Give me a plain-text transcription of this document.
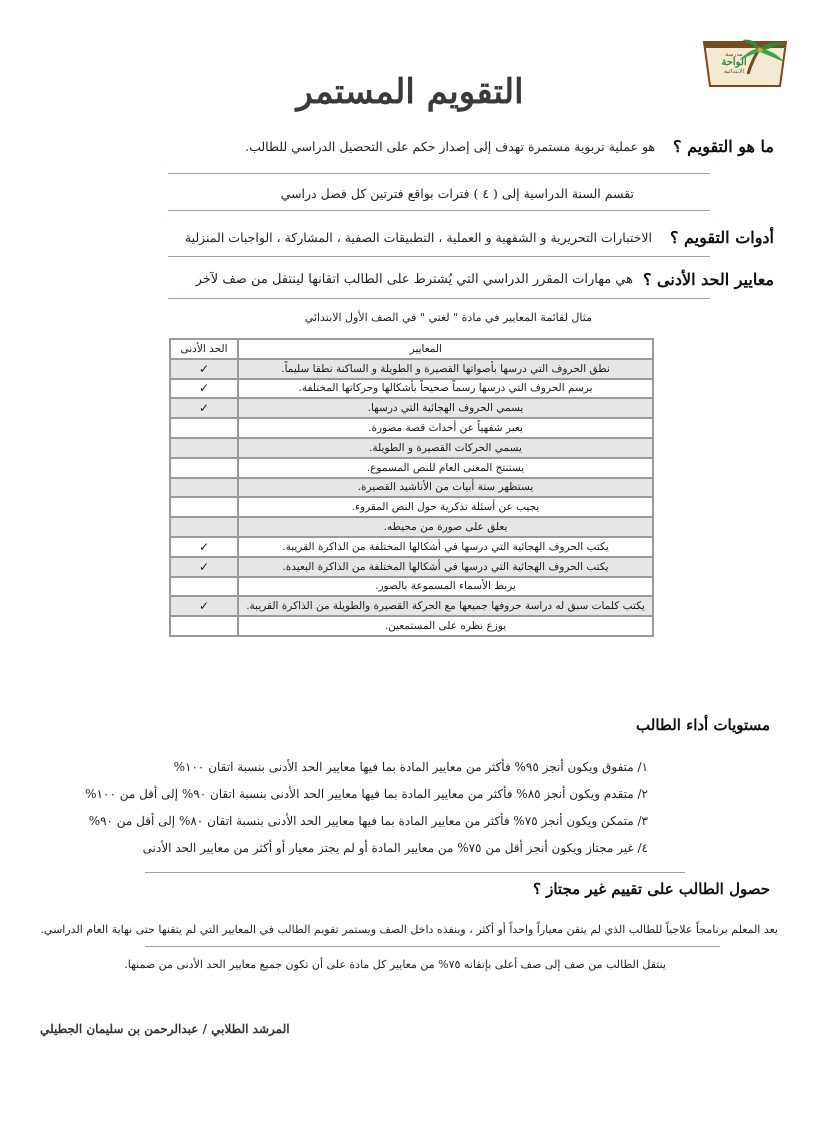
مدرسة
الواحة
الابتدائية
التقويم المستمر
ما هو التقويم ؟
هو عملية تربوية مستمرة تهدف إلى إصدار حكم على التحصيل الدراسي للطالب.
تقسم السنة الدراسية إلى ( ٤ ) فترات بواقع فترتين كل فصل دراسي
أدوات التقويم ؟
الاختبارات التحريرية و الشفهية و العملية ، التطبيقات الصفية ، المشاركة ، الواجبات المنزلية
معايير الحد الأدنى ؟
هي مهارات المقرر الدراسي التي يُشترط على الطالب اتقانها لينتقل من صف لآخر
مثال لقائمة المعايير في مادة " لغتي " في الصف الأول الابتدائي
المعايير	الحد الأدنى
نطق الحروف التي درسها بأصواتها القصيرة و الطويلة و الساكنة نطقا سليماً.	✓
يرسم الحروف التي درسها رسماً صحيحاً بأشكالها وحركاتها المختلفة.	✓
يسمي الحروف الهجائية التي درسها.	✓
يعبر شفهياً عن أحداث قصة مصورة.	
يسمي الحركات القصيرة و الطويلة.	
يستنتج المعنى العام للنص المسموع.	
يستظهر ستة أبيات من الأناشيد القصيرة.	
يجيب عن أسئلة تذكرية حول النص المقروء.	
يعلق على صورة من محيطه.	
يكتب الحروف الهجائية التي درسها في أشكالها المختلفة من الذاكرة القريبة.	✓
يكتب الحروف الهجائية التي درسها في أشكالها المختلفة من الذاكرة البعيدة.	✓
يربط الأسماء المسموعة بالصور.	
يكتب كلمات سبق له دراسة حروفها جميعها مع الحركة القصيرة والطويلة من الذاكرة القريبة.	✓
يوزع نظره على المستمعين.	
مستويات أداء الطالب
١/ متفوق ويكون أنجز ٩٥% فأكثر من معايير المادة بما فيها معايير الحد الأدنى بنسبة اتقان ١٠٠%
٢/ متقدم ويكون أنجز ٨٥% فأكثر من معايير المادة بما فيها معايير الحد الأدنى بنسبة اتقان ٩٠% إلى أقل من ١٠٠%
٣/ متمكن ويكون أنجز ٧٥% فأكثر من معايير المادة بما فيها معايير الحد الأدنى بنسبة اتقان ٨٠% إلى أقل من ٩٠%
٤/ غير مجتاز ويكون أنجز أقل من ٧٥% من معايير المادة أو لم يجتز معيار أو أكثر من معايير الحد الأدنى
حصول الطالب على تقييم غير مجتاز ؟
يعد المعلم برنامجاً علاجياً للطالب الذي لم يتقن معياراً واحداً أو أكثر ، وينفذه داخل الصف ويستمر تقويم الطالب في المعايير التي لم يتقنها حتى نهاية العام الدراسي.
ينتقل الطالب من صف إلى صف أعلى بإتقانه ٧٥% من معايير كل مادة على أن تكون جميع معايير الحد الأدنى من ضمنها.
المرشد الطلابي / عبدالرحمن بن سليمان الجطيلي
